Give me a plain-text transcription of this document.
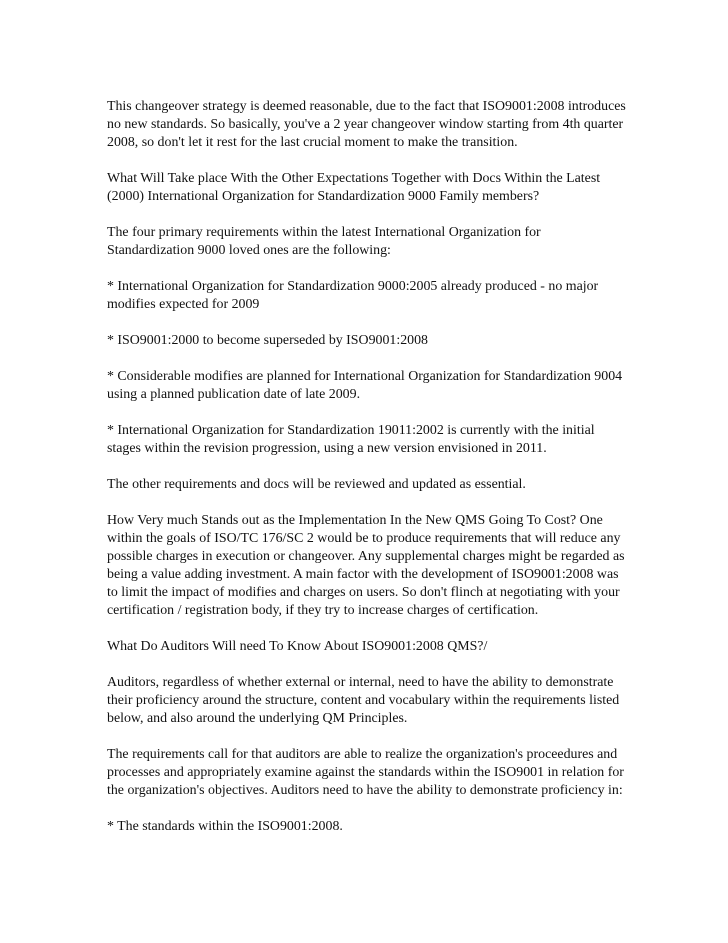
This changeover strategy is deemed reasonable, due to the fact that ISO9001:2008 introduces no new standards. So basically, you've a 2 year changeover window starting from 4th quarter 2008, so don't let it rest for the last crucial moment to make the transition.

What Will Take place With the Other Expectations Together with Docs Within the Latest (2000) International Organization for Standardization 9000 Family members?

The four primary requirements within the latest International Organization for Standardization 9000 loved ones are the following:

* International Organization for Standardization 9000:2005 already produced - no major modifies expected for 2009

* ISO9001:2000 to become superseded by ISO9001:2008

* Considerable modifies are planned for International Organization for Standardization 9004 using a planned publication date of late 2009.

* International Organization for Standardization 19011:2002 is currently with the initial stages within the revision progression, using a new version envisioned in 2011.

The other requirements and docs will be reviewed and updated as essential.

How Very much Stands out as the Implementation In the New QMS Going To Cost? One within the goals of ISO/TC 176/SC 2 would be to produce requirements that will reduce any possible charges in execution or changeover. Any supplemental charges might be regarded as being a value adding investment. A main factor with the development of ISO9001:2008 was to limit the impact of modifies and charges on users. So don't flinch at negotiating with your certification / registration body, if they try to increase charges of certification.

What Do Auditors Will need To Know About ISO9001:2008 QMS?/

Auditors, regardless of whether external or internal, need to have the ability to demonstrate their proficiency around the structure, content and vocabulary within the requirements listed below, and also around the underlying QM Principles.

The requirements call for that auditors are able to realize the organization's proceedures and processes and appropriately examine against the standards within the ISO9001 in relation for the organization's objectives. Auditors need to have the ability to demonstrate proficiency in:

* The standards within the ISO9001:2008.
